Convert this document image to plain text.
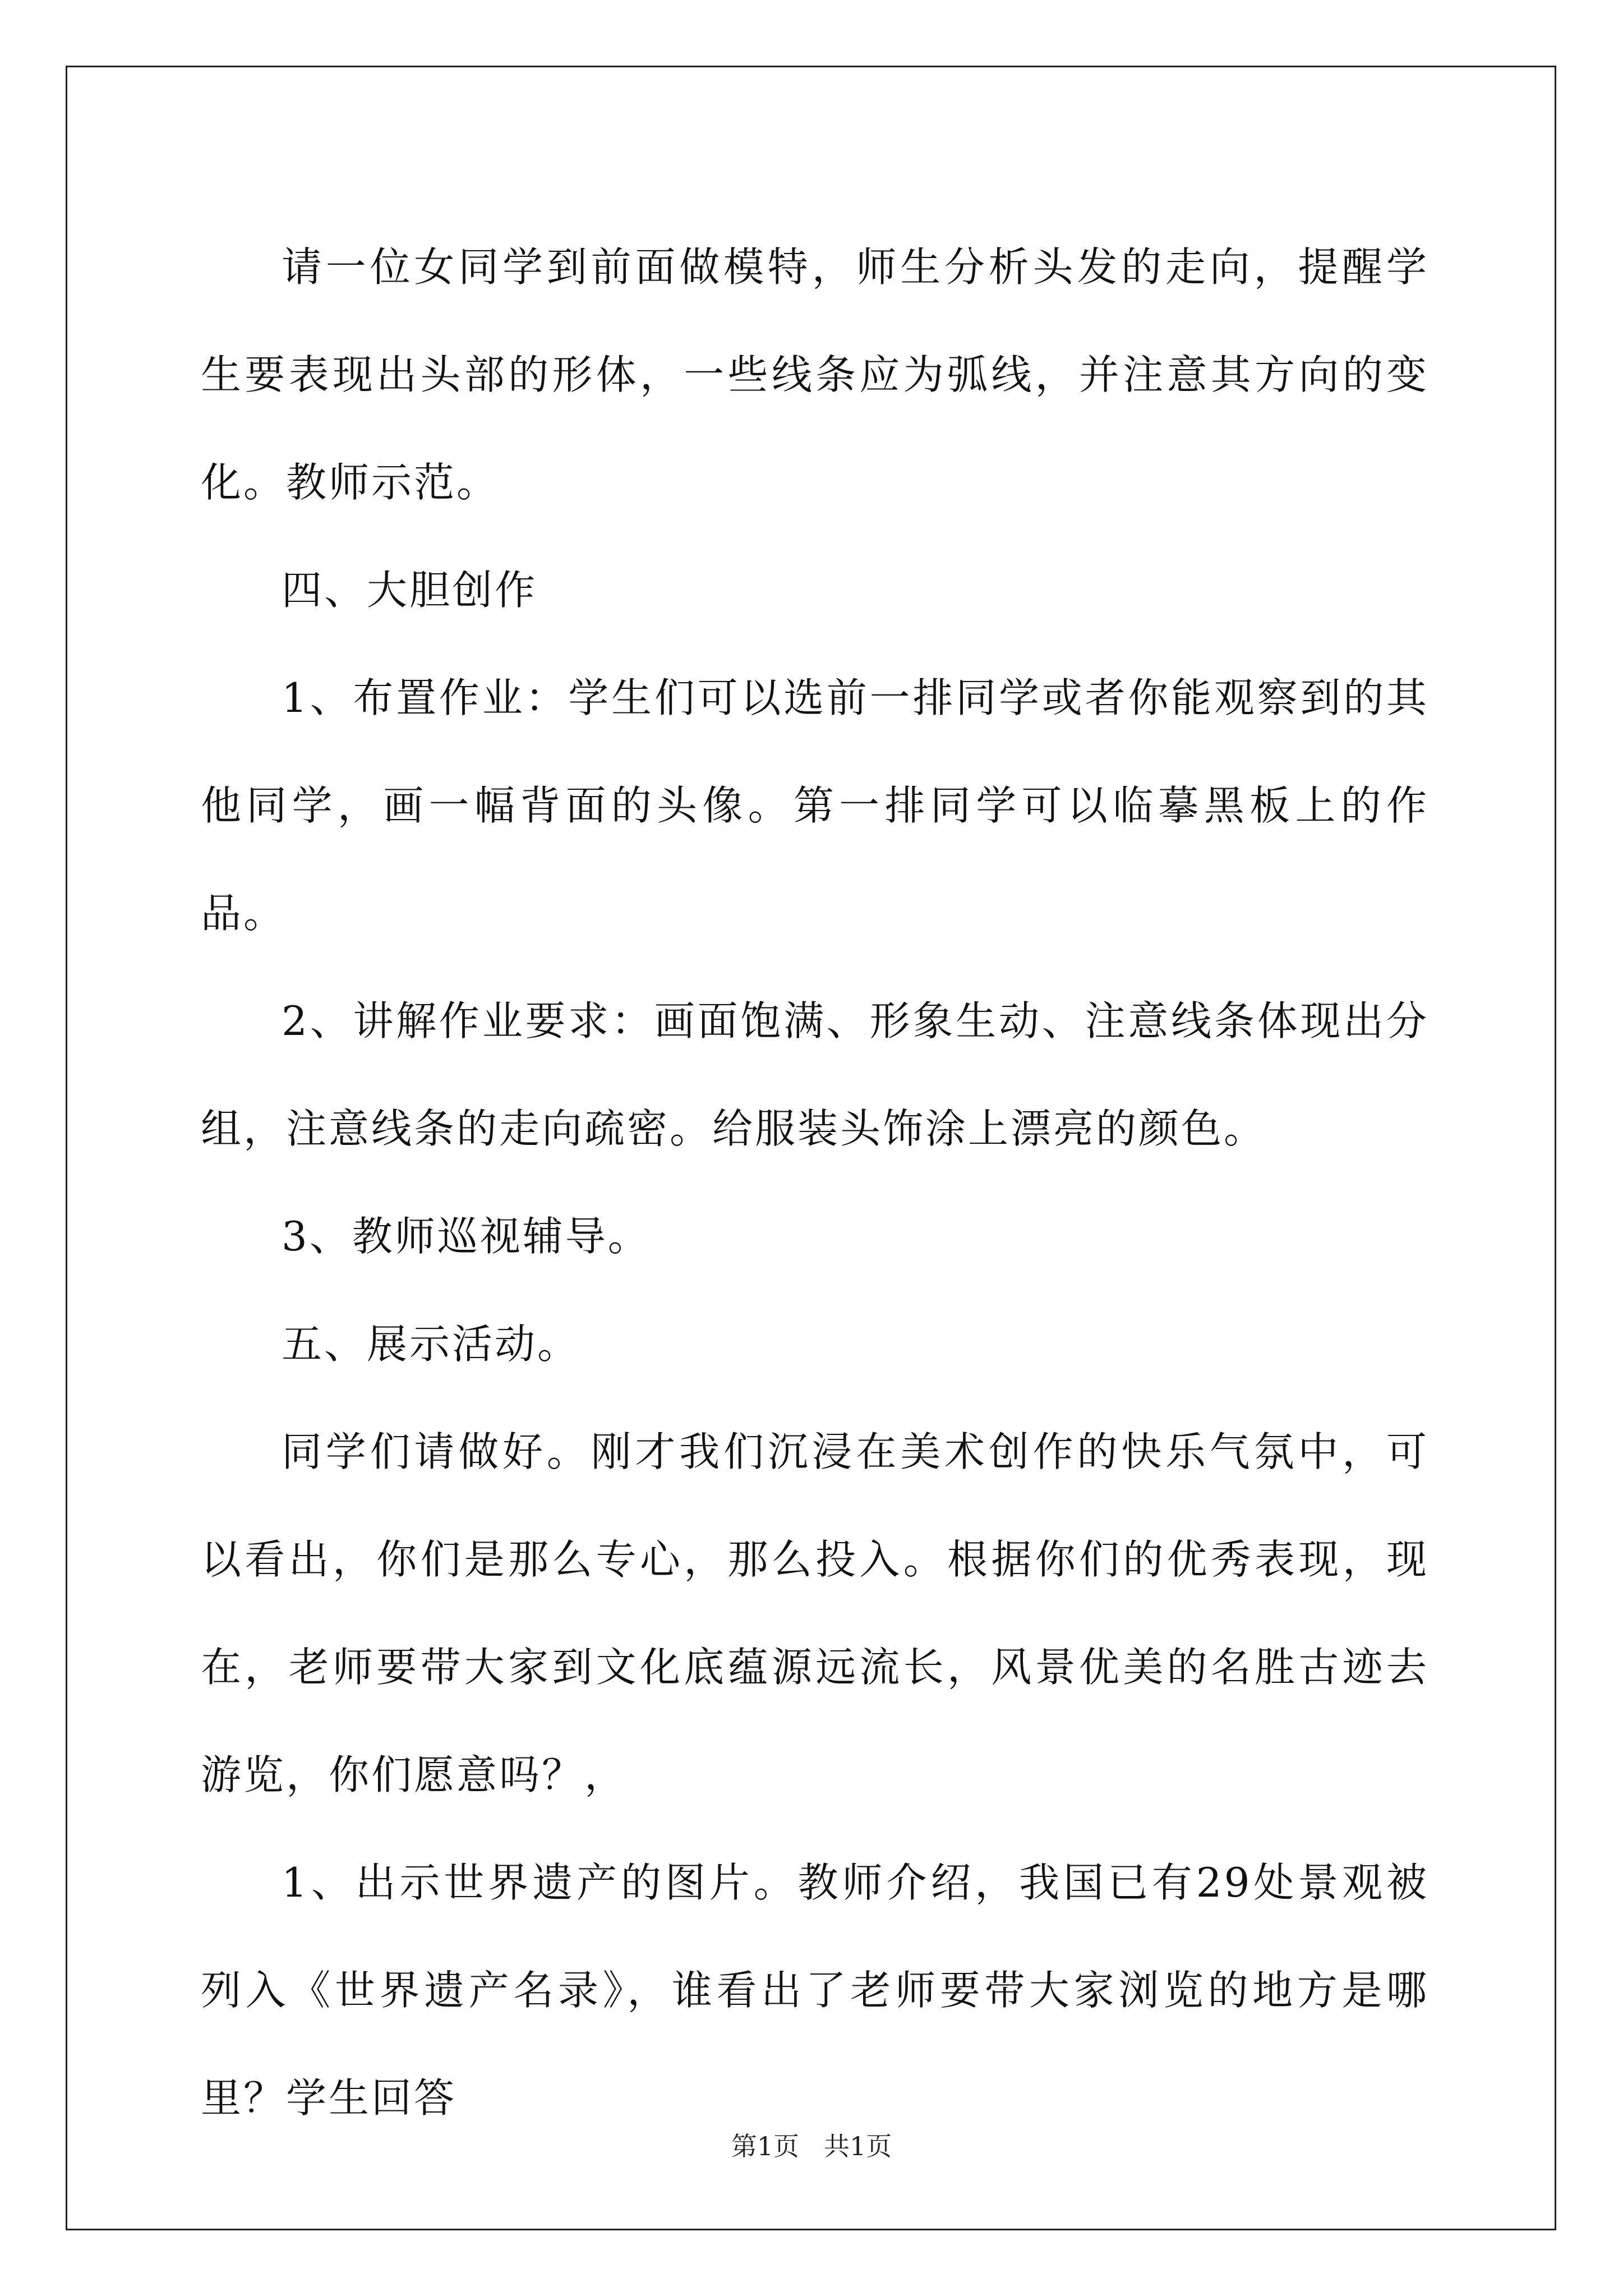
请一位女同学到前面做模特，师生分析头发的走向，提醒学生要表现出头部的形体，一些线条应为弧线，并注意其方向的变化。教师示范。

四、大胆创作

1、布置作业：学生们可以选前一排同学或者你能观察到的其他同学，画一幅背面的头像。第一排同学可以临摹黑板上的作品。

2、讲解作业要求：画面饱满、形象生动、注意线条体现出分组，注意线条的走向疏密。给服装头饰涂上漂亮的颜色。

3、教师巡视辅导。

五、展示活动。

同学们请做好。刚才我们沉浸在美术创作的快乐气氛中，可以看出，你们是那么专心，那么投入。根据你们的优秀表现，现在，老师要带大家到文化底蕴源远流长，风景优美的名胜古迹去游览，你们愿意吗？，

1、出示世界遗产的图片。教师介绍，我国已有29处景观被列入《世界遗产名录》，谁看出了老师要带大家浏览的地方是哪里？学生回答

第1页 共1页
